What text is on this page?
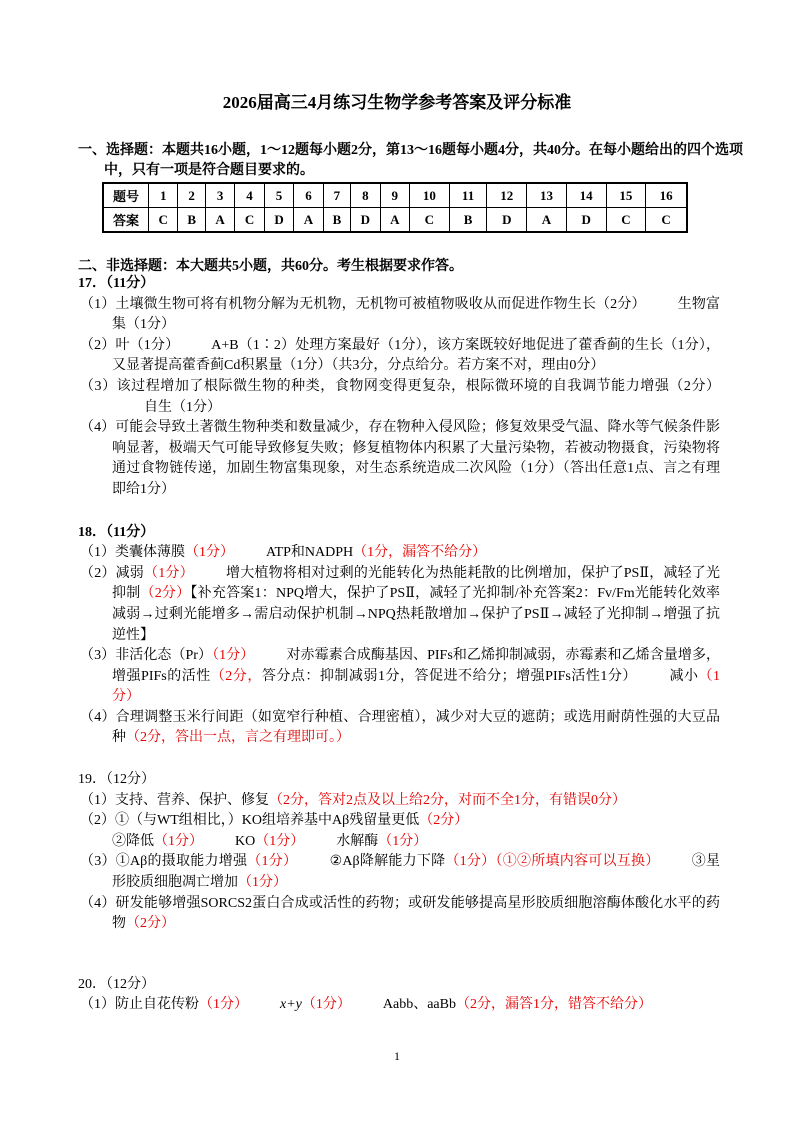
2026届高三4月练习生物学参考答案及评分标准
一、选择题：本题共16小题，1～12题每小题2分，第13～16题每小题4分，共40分。在每小题给出的四个选项中，只有一项是符合题目要求的。
题号	1	2	3	4	5	6	7	8	9	10	11	12	13	14	15	16
答案	C	B	A	C	D	A	B	D	A	C	B	D	A	D	C	C
二、非选择题：本大题共5小题，共60分。考生根据要求作答。
17．（11分）
（1）土壤微生物可将有机物分解为无机物，无机物可被植物吸收从而促进作物生长（2分） 生物富集（1分）
（2）叶（1分） A+B（1∶2）处理方案最好（1分），该方案既较好地促进了藿香蓟的生长（1分），又显著提高藿香蓟Cd积累量（1分）（共3分，分点给分。若方案不对，理由0分）
（3）该过程增加了根际微生物的种类，食物网变得更复杂，根际微环境的自我调节能力增强（2分）自生（1分）
（4）可能会导致土著微生物种类和数量减少，存在物种入侵风险；修复效果受气温、降水等气候条件影响显著，极端天气可能导致修复失败；修复植物体内积累了大量污染物，若被动物摄食，污染物将通过食物链传递，加剧生物富集现象，对生态系统造成二次风险（1分）（答出任意1点、言之有理即给1分）
18．（11分）
（1）类囊体薄膜（1分） ATP和NADPH（1分，漏答不给分）
（2）减弱（1分） 增大植物将相对过剩的光能转化为热能耗散的比例增加，保护了PSⅡ，减轻了光抑制（2分）【补充答案1：NPQ增大，保护了PSⅡ，减轻了光抑制/补充答案2：Fv/Fm光能转化效率减弱→过剩光能增多→需启动保护机制→NPQ热耗散增加→保护了PSⅡ→减轻了光抑制→增强了抗逆性】
（3）非活化态（Pr）（1分） 对赤霉素合成酶基因、PIFs和乙烯抑制减弱，赤霉素和乙烯含量增多，增强PIFs的活性（2分，答分点：抑制减弱1分，答促进不给分；增强PIFs活性1分） 减小（1分）
（4）合理调整玉米行间距（如宽窄行种植、合理密植），减少对大豆的遮荫；或选用耐荫性强的大豆品种（2分，答出一点，言之有理即可。）
19．（12分）
（1）支持、营养、保护、修复（2分，答对2点及以上给2分，对而不全1分，有错误0分）
（2）①（与WT组相比，）KO组培养基中Aβ残留量更低（2分）
②降低（1分） KO（1分） 水解酶（1分）
（3）①Aβ的摄取能力增强（1分） ②Aβ降解能力下降（1分）（①②所填内容可以互换） ③星形胶质细胞凋亡增加（1分）
（4）研发能够增强SORCS2蛋白合成或活性的药物；或研发能够提高星形胶质细胞溶酶体酸化水平的药物（2分）
20．（12分）
（1）防止自花传粉（1分） x+y（1分） Aabb、aaBb（2分，漏答1分，错答不给分）
1
